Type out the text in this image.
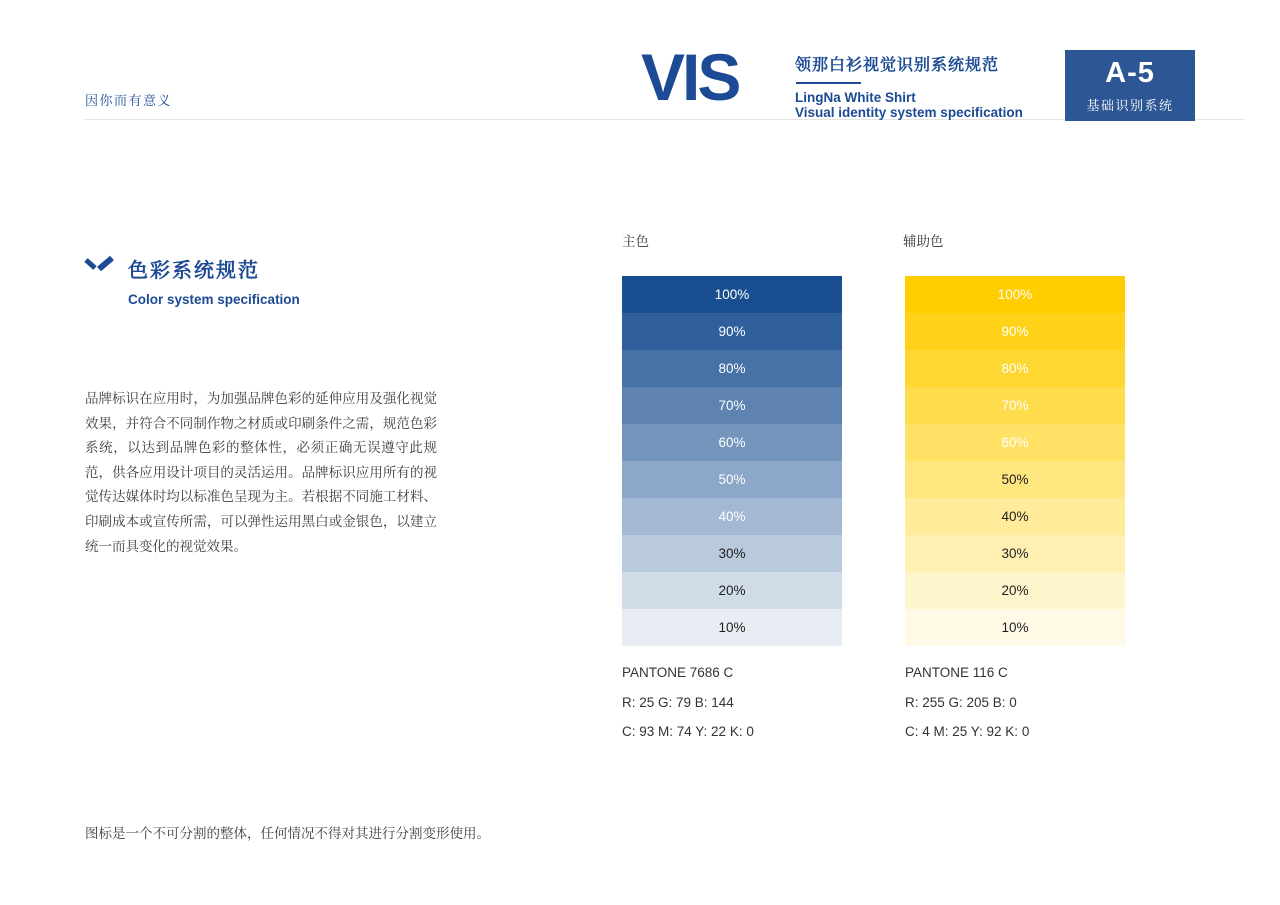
因你而有意义	VIS	领那白衫视觉识别系统规范
LingNa White Shirt
Visual identity system specification
A-5
基础识别系统
色彩系统规范
Color system specification
品牌标识在应用时，为加强品牌色彩的延伸应用及强化视觉效果，并符合不同制作物之材质或印刷条件之需，规范色彩系统，以达到品牌色彩的整体性，必须正确无误遵守此规范，供各应用设计项目的灵活运用。品牌标识应用所有的视觉传达媒体时均以标准色呈现为主。若根据不同施工材料、印刷成本或宣传所需，可以弹性运用黑白或金银色，以建立统一而具变化的视觉效果。
图标是一个不可分割的整体，任何情况不得对其进行分割变形使用。
主色
100%
90%
80%
70%
60%
50%
40%
30%
20%
10%
PANTONE 7686 C
R: 25 G: 79 B: 144
C: 93 M: 74 Y: 22 K: 0
辅助色
100%
90%
80%
70%
60%
50%
40%
30%
20%
10%
PANTONE 116 C
R: 255 G: 205 B: 0
C: 4 M: 25 Y: 92 K: 0
